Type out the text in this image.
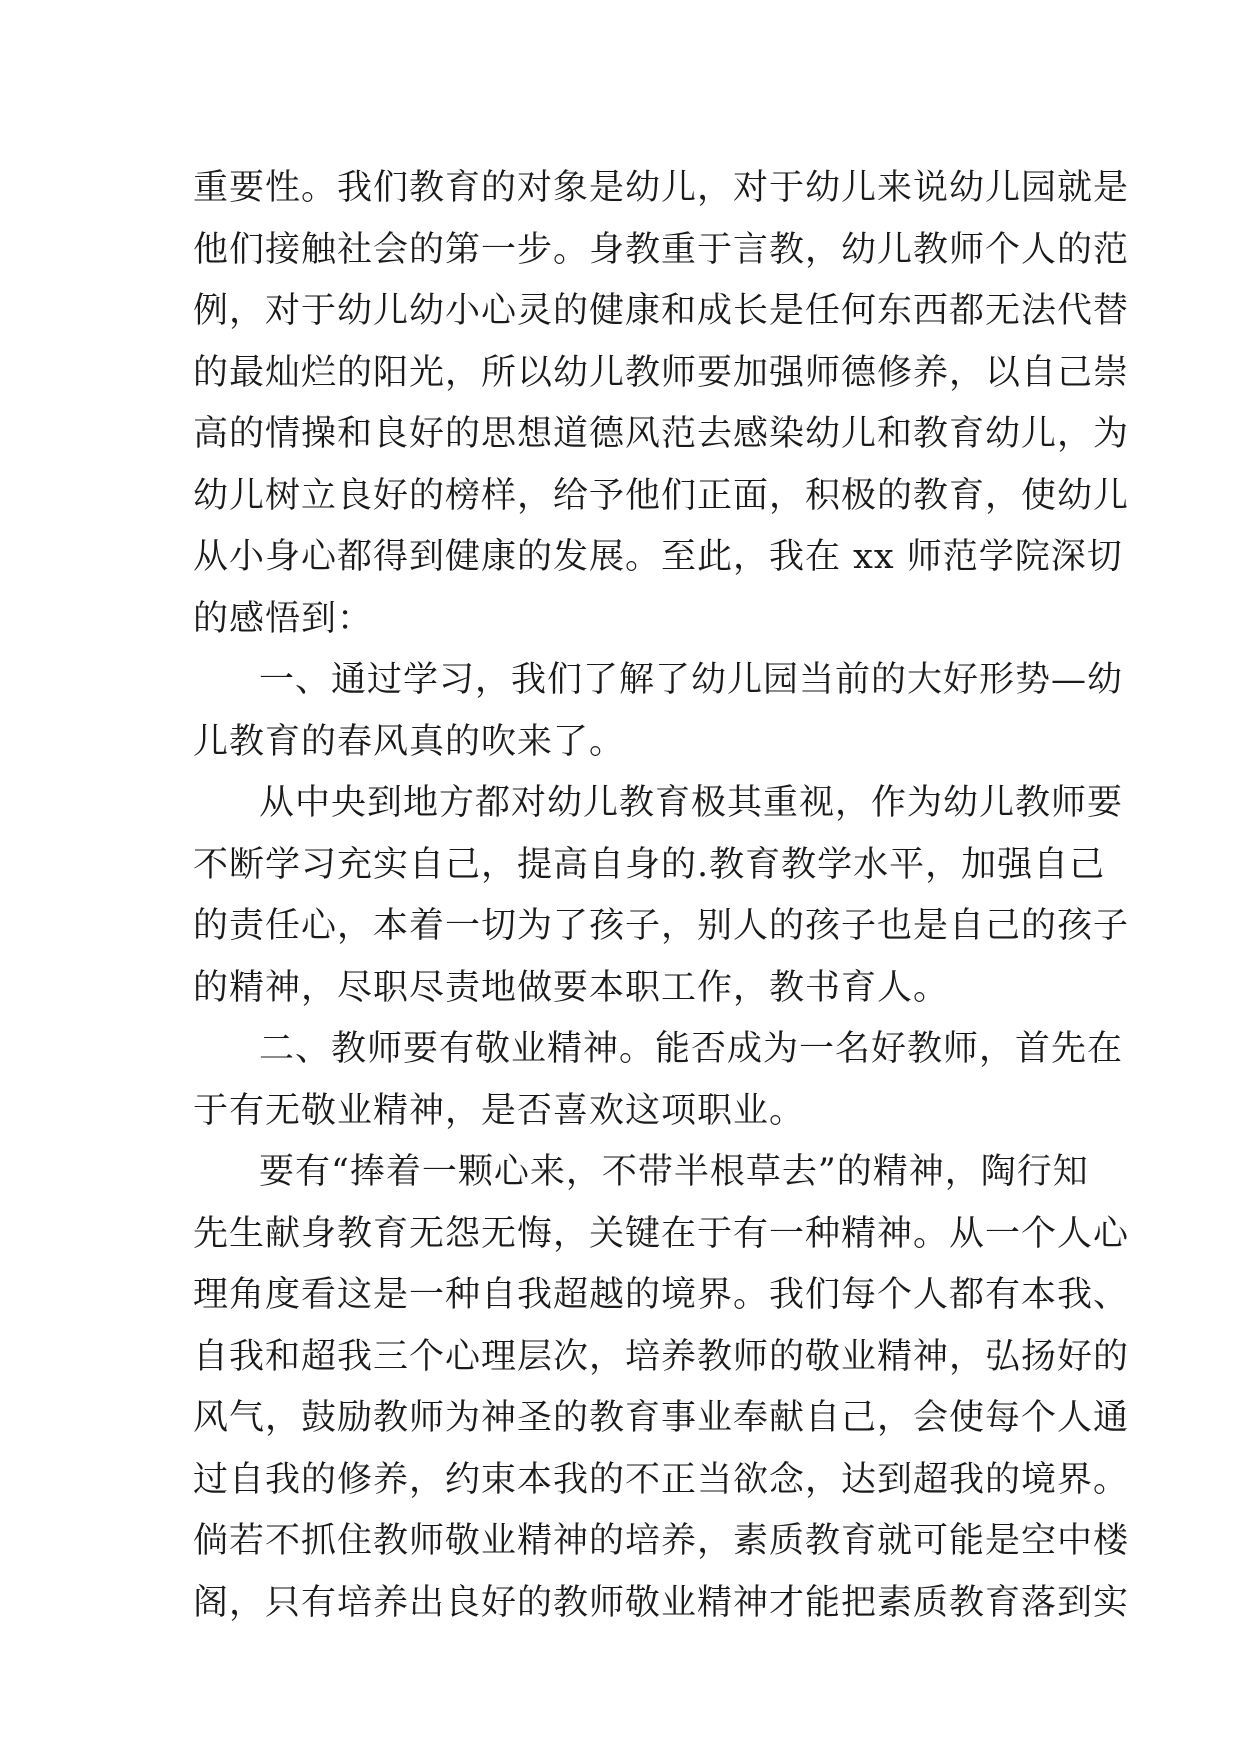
重要性。我们教育的对象是幼儿，对于幼儿来说幼儿园就是
他们接触社会的第一步。身教重于言教，幼儿教师个人的范
例，对于幼儿幼小心灵的健康和成长是任何东西都无法代替
的最灿烂的阳光，所以幼儿教师要加强师德修养，以自己崇
高的情操和良好的思想道德风范去感染幼儿和教育幼儿，为
幼儿树立良好的榜样，给予他们正面，积极的教育，使幼儿
从小身心都得到健康的发展。至此，我在 xx 师范学院深切
的感悟到：
一、通过学习，我们了解了幼儿园当前的大好形势—幼
儿教育的春风真的吹来了。
从中央到地方都对幼儿教育极其重视，作为幼儿教师要
不断学习充实自己，提高自身的.教育教学水平，加强自己
的责任心，本着一切为了孩子，别人的孩子也是自己的孩子
的精神，尽职尽责地做要本职工作，教书育人。
二、教师要有敬业精神。能否成为一名好教师，首先在
于有无敬业精神，是否喜欢这项职业。
要有“捧着一颗心来，不带半根草去”的精神，陶行知
先生献身教育无怨无悔，关键在于有一种精神。从一个人心
理角度看这是一种自我超越的境界。我们每个人都有本我、
自我和超我三个心理层次，培养教师的敬业精神，弘扬好的
风气，鼓励教师为神圣的教育事业奉献自己，会使每个人通
过自我的修养，约束本我的不正当欲念，达到超我的境界。
倘若不抓住教师敬业精神的培养，素质教育就可能是空中楼
阁，只有培养出良好的教师敬业精神才能把素质教育落到实
